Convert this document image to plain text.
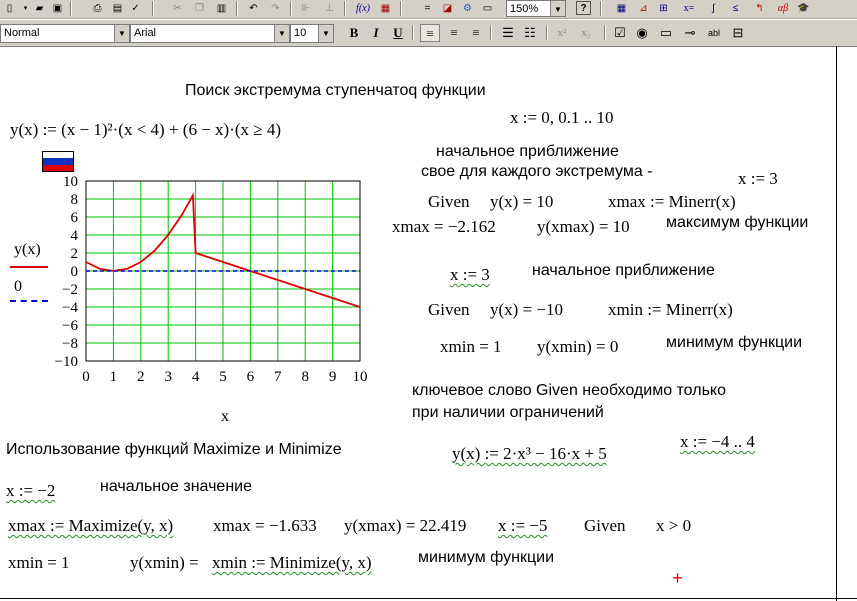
▯	▾ ▰ ▣	⎙	▤ ✓	✂	❐	▥	↶	↷	⊪	⊥	f(x) ▦	=	◪	⚙	▭	150%	▼	?	▦	⊿	⊞	x=	∫	≤	↰	αβ 🎓
Normal	▼ Arial	▼ 10	▼	B	I	U	≡	≡	≡	☰ ☷	x²	x₂	☑ ◉ ▭ ⊸	abl ⊟
Поиск экстремума ступенчатоq функции
y(x) := (x − 1)²·(x < 4) + (6 − x)·(x ≥ 4)
x := 0, 0.1 .. 10
y(x)
0
0 1 2 3 4 5 6 7 8 9 10
10
8
6
4
2
0
−2
−4
−6
−8
−10
x
начальное приближение
свое для каждого экстремума -	x := 3
Given y(x) = 10	xmax := Minerr(x)
xmax = −2.162 y(xmax) = 10 максимум функции
x := 3	начальное приближение
Given y(x) = −10	xmin := Minerr(x)
xmin = 1 y(xmin) = 0	минимум функции
ключевое слово Given необходимо только
при наличии ограничений
Использование функций Maximize и Minimize	y(x) := 2·x³ − 16·x + 5
x := −4 .. 4
x := −2	начальное значение
xmax := Maximize(y, x) xmax = −1.633 y(xmax) = 22.419 x := −5 Given x > 0
xmin = 1	y(xmin) = xmin := Minimize(y, x)	минимум функции
+
